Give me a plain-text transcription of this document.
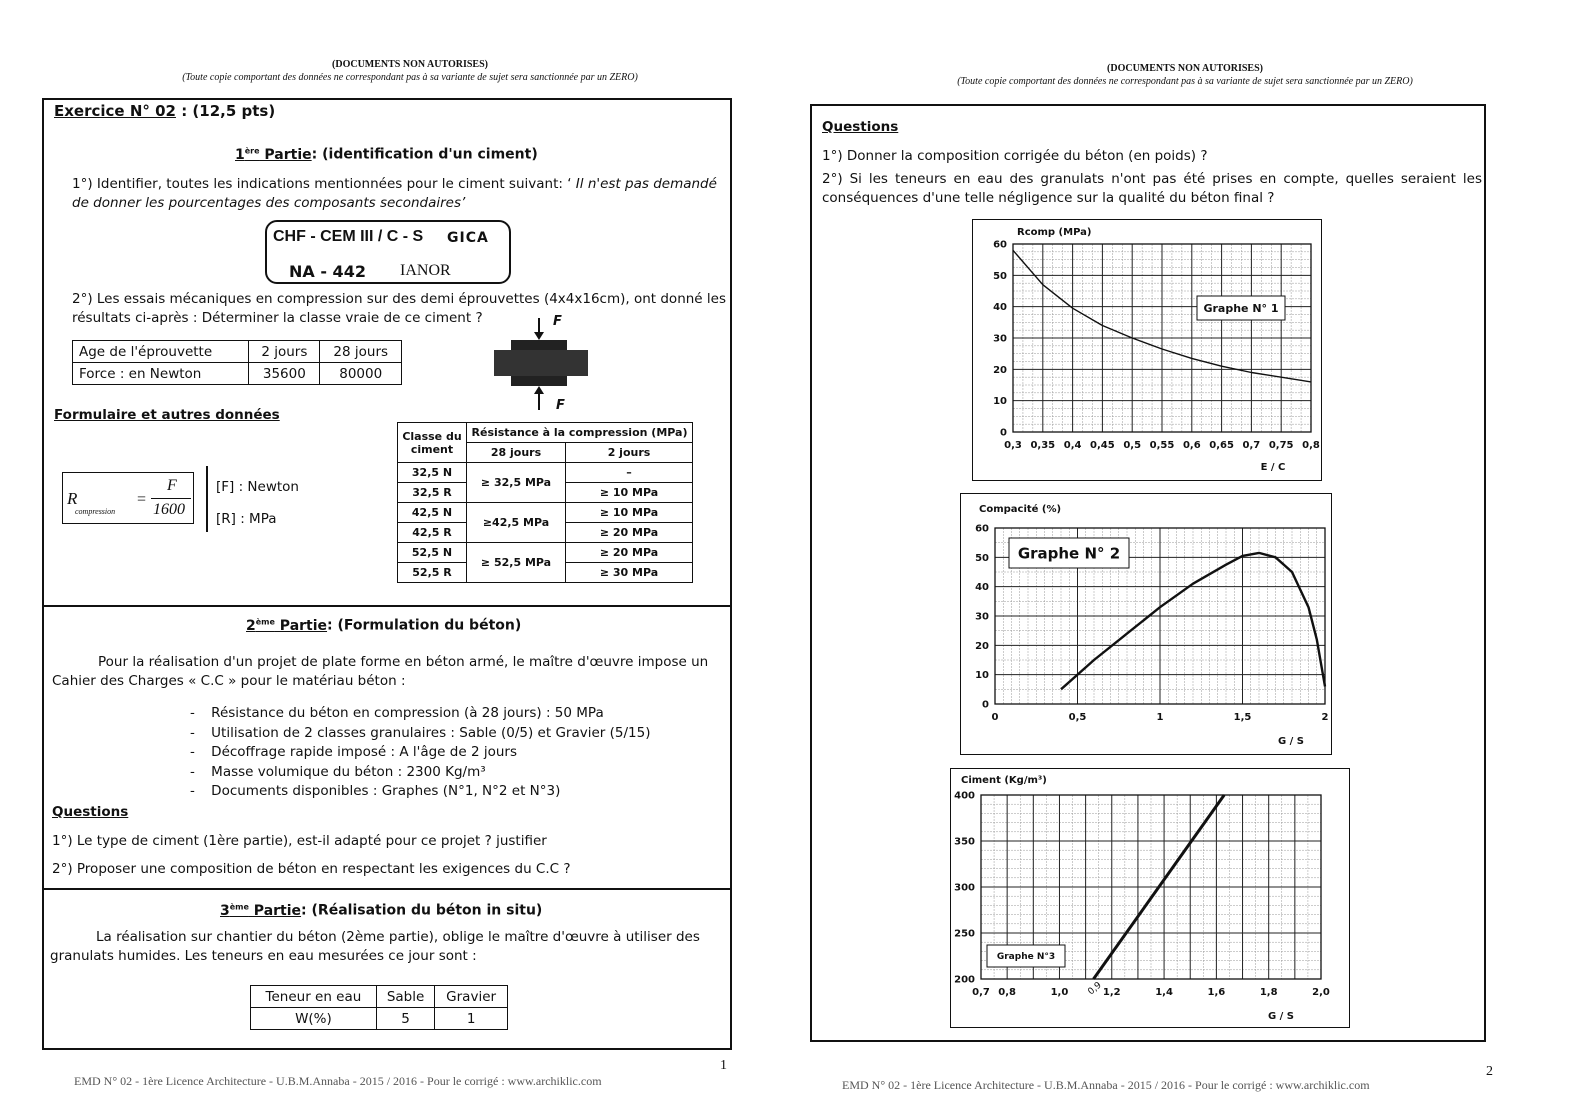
(DOCUMENTS NON AUTORISES)
(Toute copie comportant des données ne correspondant pas à sa variante de sujet sera sanctionnée par un ZERO)
Exercice N° 02 : (12,5 pts)
1ère Partie: (identification d'un ciment)
1°) Identifier, toutes les indications mentionnées pour le ciment suivant: ‘ Il n'est pas demandé de donner les pourcentages des composants secondaires’
CHF - CEM III / C - S GICA
NA - 442 IANOR
2°) Les essais mécaniques en compression sur des demi éprouvettes (4x4x16cm), ont donné les résultats ci-après : Déterminer la classe vraie de ce ciment ?
Age de l'éprouvette	2 jours	28 jours
Force : en Newton	35600	80000
F
F
Formulaire et autres données
R
compression
=
F
1600
[F] : Newton
[R] : MPa
Classe du ciment	Résistance à la compression (MPa)	
	28 jours	2 jours
32,5 N	≥ 32,5 MPa	–
32,5 R		≥ 10 MPa
42,5 N	≥42,5 MPa	≥ 10 MPa
42,5 R		≥ 20 MPa
52,5 N	≥ 52,5 MPa	≥ 20 MPa
52,5 R		≥ 30 MPa
2ème Partie: (Formulation du béton)
Pour la réalisation d'un projet de plate forme en béton armé, le maître d'œuvre impose un Cahier des Charges « C.C » pour le matériau béton :
- Résistance du béton en compression (à 28 jours) : 50 MPa
- Utilisation de 2 classes granulaires : Sable (0/5) et Gravier (5/15)
- Décoffrage rapide imposé : A l'âge de 2 jours
- Masse volumique du béton : 2300 Kg/m³
- Documents disponibles : Graphes (N°1, N°2 et N°3)
Questions
1°) Le type de ciment (1ère partie), est-il adapté pour ce projet ? justifier
2°) Proposer une composition de béton en respectant les exigences du C.C ?
3ème Partie: (Réalisation du béton in situ)
La réalisation sur chantier du béton (2ème partie), oblige le maître d'œuvre à utiliser des granulats humides. Les teneurs en eau mesurées ce jour sont :
Teneur en eau	Sable	Gravier
W(%)	5	1
1
EMD N° 02 - 1ère Licence Architecture - U.B.M.Annaba - 2015 / 2016 - Pour le corrigé : www.archiklic.com
(DOCUMENTS NON AUTORISES)
(Toute copie comportant des données ne correspondant pas à sa variante de sujet sera sanctionnée par un ZERO)
Questions
1°) Donner la composition corrigée du béton (en poids) ?
2°) Si les teneurs en eau des granulats n'ont pas été prises en compte, quelles seraient les conséquences d'une telle négligence sur la qualité du béton final ?
0
10
20
30
40
50
60
0,3 0,35 0,4 0,45 0,5 0,55 0,6 0,65 0,7 0,75 0,8
Rcomp (MPa)
E / C
Graphe N° 1
0
10
20
30
40
50
60
0	0,5	1	1,5	2
Compacité (%)
G / S
Graphe N° 2
200
250
300
350
400
0,7 0,8	1,0	1,2	1,4	1,6	1,8	2,0
Ciment (Kg/m³)
G / S
Graphe N°3
0,9
2
EMD N° 02 - 1ère Licence Architecture - U.B.M.Annaba - 2015 / 2016 - Pour le corrigé : www.archiklic.com
